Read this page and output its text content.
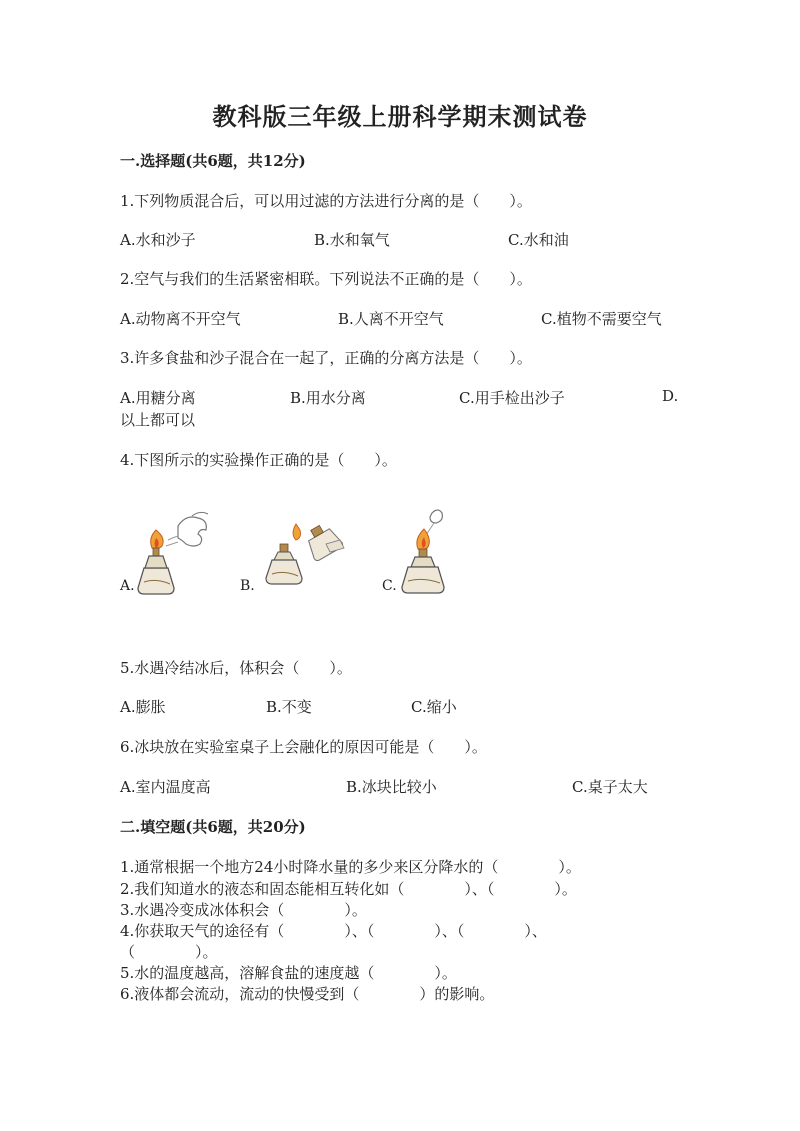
教科版三年级上册科学期末测试卷
一.选择题(共6题，共12分)
1.下列物质混合后，可以用过滤的方法进行分离的是（　　）。
A.水和沙子	B.水和氧气	C.水和油
2.空气与我们的生活紧密相联。下列说法不正确的是（　　）。
A.动物离不开空气	B.人离不开空气	C.植物不需要空气
3.许多食盐和沙子混合在一起了，正确的分离方法是（　　）。
A.用糖分离	B.用水分离	C.用手检出沙子	D.
以上都可以
4.下图所示的实验操作正确的是（　　）。
A.	B.	C.
5.水遇冷结冰后，体积会（　　）。
A.膨胀	B.不变	C.缩小
6.冰块放在实验室桌子上会融化的原因可能是（　　）。
A.室内温度高	B.冰块比较小	C.桌子太大
二.填空题(共6题，共20分)
1.通常根据一个地方24小时降水量的多少来区分降水的（　　　　）。
2.我们知道水的液态和固态能相互转化如（　　　　）、（　　　　）。
3.水遇冷变成冰体积会（　　　　）。
4.你获取天气的途径有（　　　　）、（　　　　）、（　　　　）、
（　　　　）。
5.水的温度越高，溶解食盐的速度越（　　　　）。
6.液体都会流动，流动的快慢受到（　　　　）的影响。
